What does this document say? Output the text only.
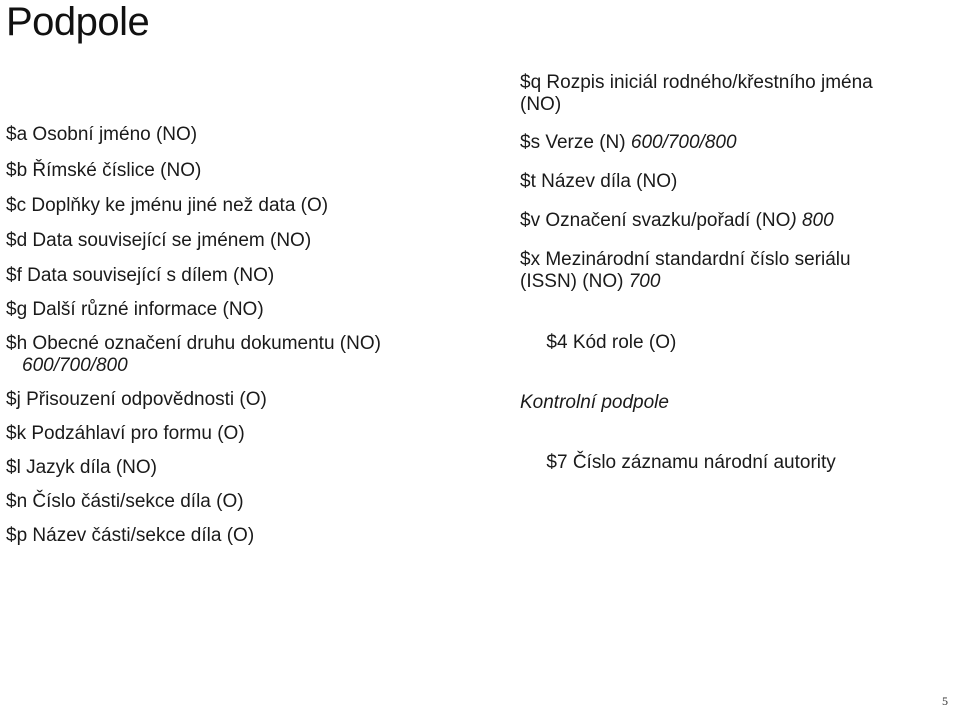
Podpole

$a Osobní jméno (NO)

$b Římské číslice (NO)

$c Doplňky ke jménu jiné než data (O)

$d Data související se jménem (NO)

$f Data související s dílem (NO)

$g Další různé informace (NO)

$h Obecné označení druhu dokumentu (NO)
600/700/800

$j Přisouzení odpovědnosti (O)

$k Podzáhlaví pro formu (O)

$l Jazyk díla (NO)

$n Číslo části/sekce díla (O)

$p Název části/sekce díla (O)

$q Rozpis iniciál rodného/křestního jména
(NO)

$s Verze (N) 600/700/800

$t Název díla (NO)

$v Označení svazku/pořadí (NO) 800

$x Mezinárodní standardní číslo seriálu
(ISSN) (NO) 700

$4 Kód role (O)

Kontrolní podpole

$7 Číslo záznamu národní autority

5
